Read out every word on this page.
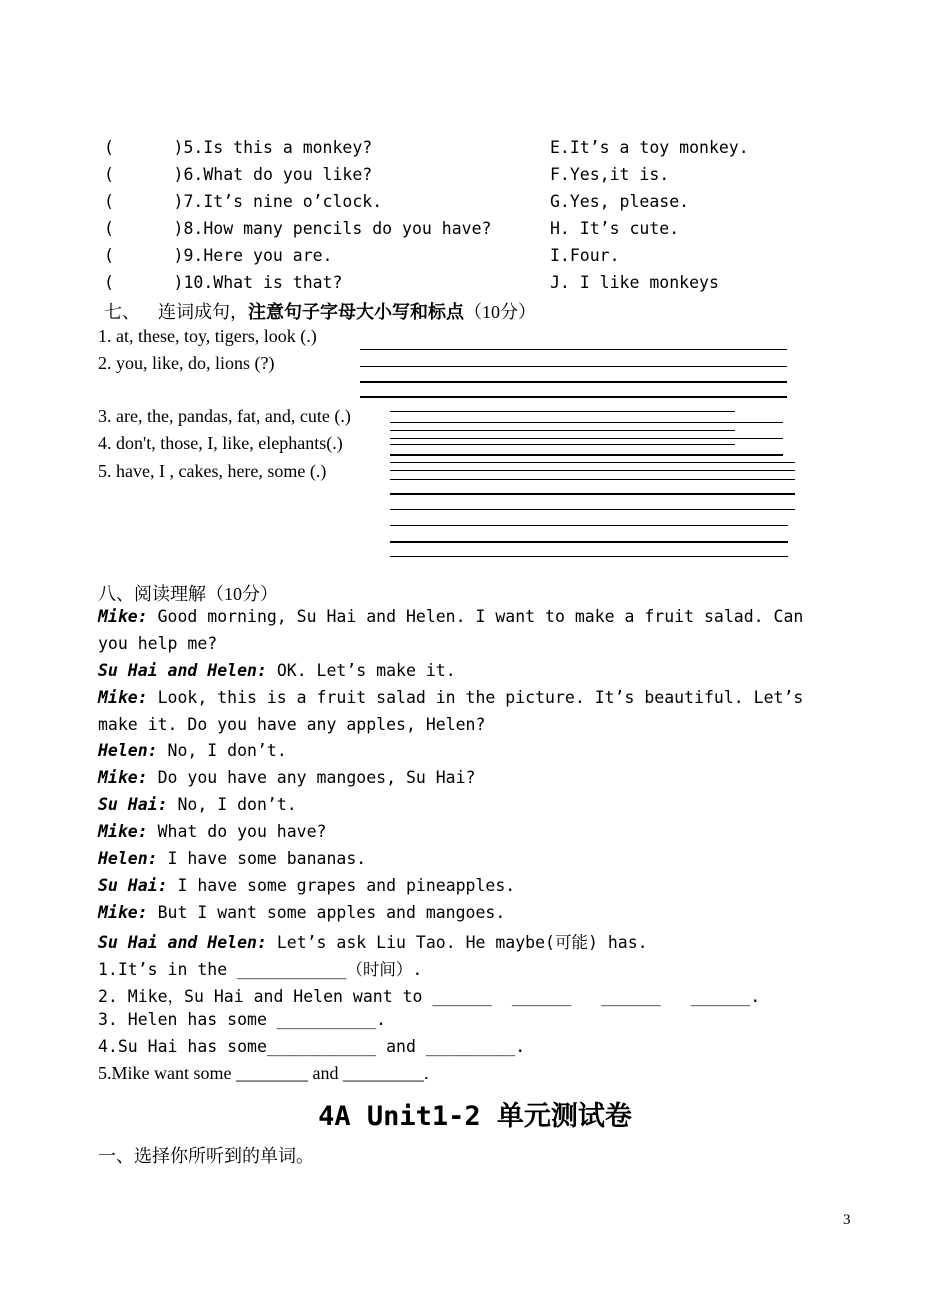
(      )5.Is this a monkey?
(      )6.What do you like?
(      )7.It’s nine o’clock.
(      )8.How many pencils do you have?
(      )9.Here you are.
(      )10.What is that?
E.It’s a toy monkey.
F.Yes,it is.
G.Yes, please.
H. It’s cute.
I.Four.
J. I like monkeys
七、 连词成句，注意句子字母大小写和标点（10分）
1. at, these, toy, tigers, look (.)
2. you, like, do, lions (?)
3. are, the, pandas, fat, and, cute (.)
4. don't, those, I, like, elephants(.)
5. have, I , cakes, here, some (.)
八、阅读理解（10分）
Mike: Good morning, Su Hai and Helen. I want to make a fruit salad. Can
you help me?
Su Hai and Helen: OK. Let’s make it.
Mike: Look, this is a fruit salad in the picture. It’s beautiful. Let’s
make it. Do you have any apples, Helen?
Helen: No, I don’t.
Mike: Do you have any mangoes, Su Hai?
Su Hai: No, I don’t.
Mike: What do you have?
Helen: I have some bananas.
Su Hai: I have some grapes and pineapples.
Mike: But I want some apples and mangoes.
Su Hai and Helen: Let’s ask Liu Tao. He maybe(可能) has.
1.It’s in the ___________（时间）.
2. Mike，Su Hai and Helen want to ______  ______   ______   ______.
3. Helen has some __________.
4.Su Hai has some___________ and _________.
5.Mike want some ________ and _________.
4A Unit1-2 单元测试卷
一、选择你所听到的单词。
3
